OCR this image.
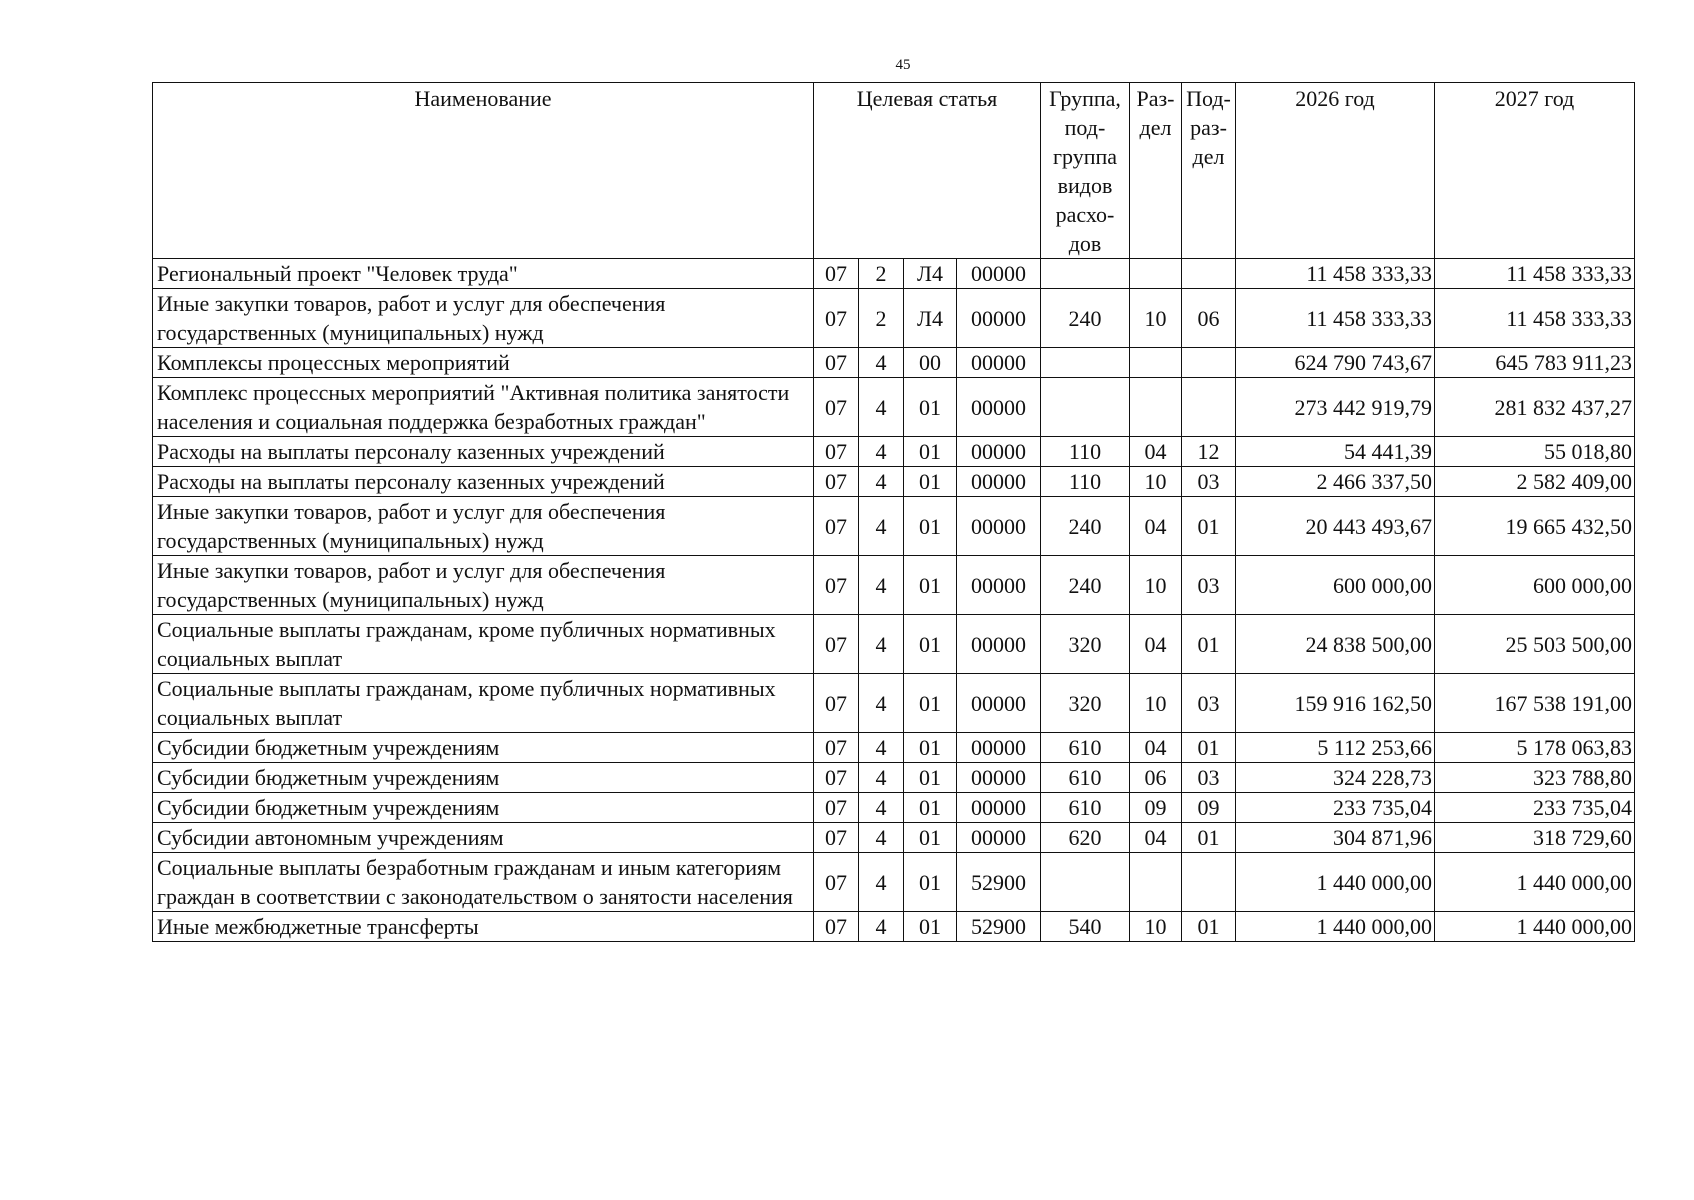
45
Наименование	Целевая статья				Группа, под-группа видов расхо-дов	Раз-дел	Под-раз-дел	2026 год	2027 год
Региональный проект "Человек труда"	07	2	Л4	00000				11 458 333,33	11 458 333,33
Иные закупки товаров, работ и услуг для обеспечения государственных (муниципальных) нужд	07	2	Л4	00000	240	10	06	11 458 333,33	11 458 333,33
Комплексы процессных мероприятий	07	4	00	00000				624 790 743,67	645 783 911,23
Комплекс процессных мероприятий "Активная политика занятости населения и социальная поддержка безработных граждан"	07	4	01	00000				273 442 919,79	281 832 437,27
Расходы на выплаты персоналу казенных учреждений	07	4	01	00000	110	04	12	54 441,39	55 018,80
Расходы на выплаты персоналу казенных учреждений	07	4	01	00000	110	10	03	2 466 337,50	2 582 409,00
Иные закупки товаров, работ и услуг для обеспечения государственных (муниципальных) нужд	07	4	01	00000	240	04	01	20 443 493,67	19 665 432,50
Иные закупки товаров, работ и услуг для обеспечения государственных (муниципальных) нужд	07	4	01	00000	240	10	03	600 000,00	600 000,00
Социальные выплаты гражданам, кроме публичных нормативных социальных выплат	07	4	01	00000	320	04	01	24 838 500,00	25 503 500,00
Социальные выплаты гражданам, кроме публичных нормативных социальных выплат	07	4	01	00000	320	10	03	159 916 162,50	167 538 191,00
Субсидии бюджетным учреждениям	07	4	01	00000	610	04	01	5 112 253,66	5 178 063,83
Субсидии бюджетным учреждениям	07	4	01	00000	610	06	03	324 228,73	323 788,80
Субсидии бюджетным учреждениям	07	4	01	00000	610	09	09	233 735,04	233 735,04
Субсидии автономным учреждениям	07	4	01	00000	620	04	01	304 871,96	318 729,60
Социальные выплаты безработным гражданам и иным категориям граждан в соответствии с законодательством о занятости населения	07	4	01	52900				1 440 000,00	1 440 000,00
Иные межбюджетные трансферты	07	4	01	52900	540	10	01	1 440 000,00	1 440 000,00
